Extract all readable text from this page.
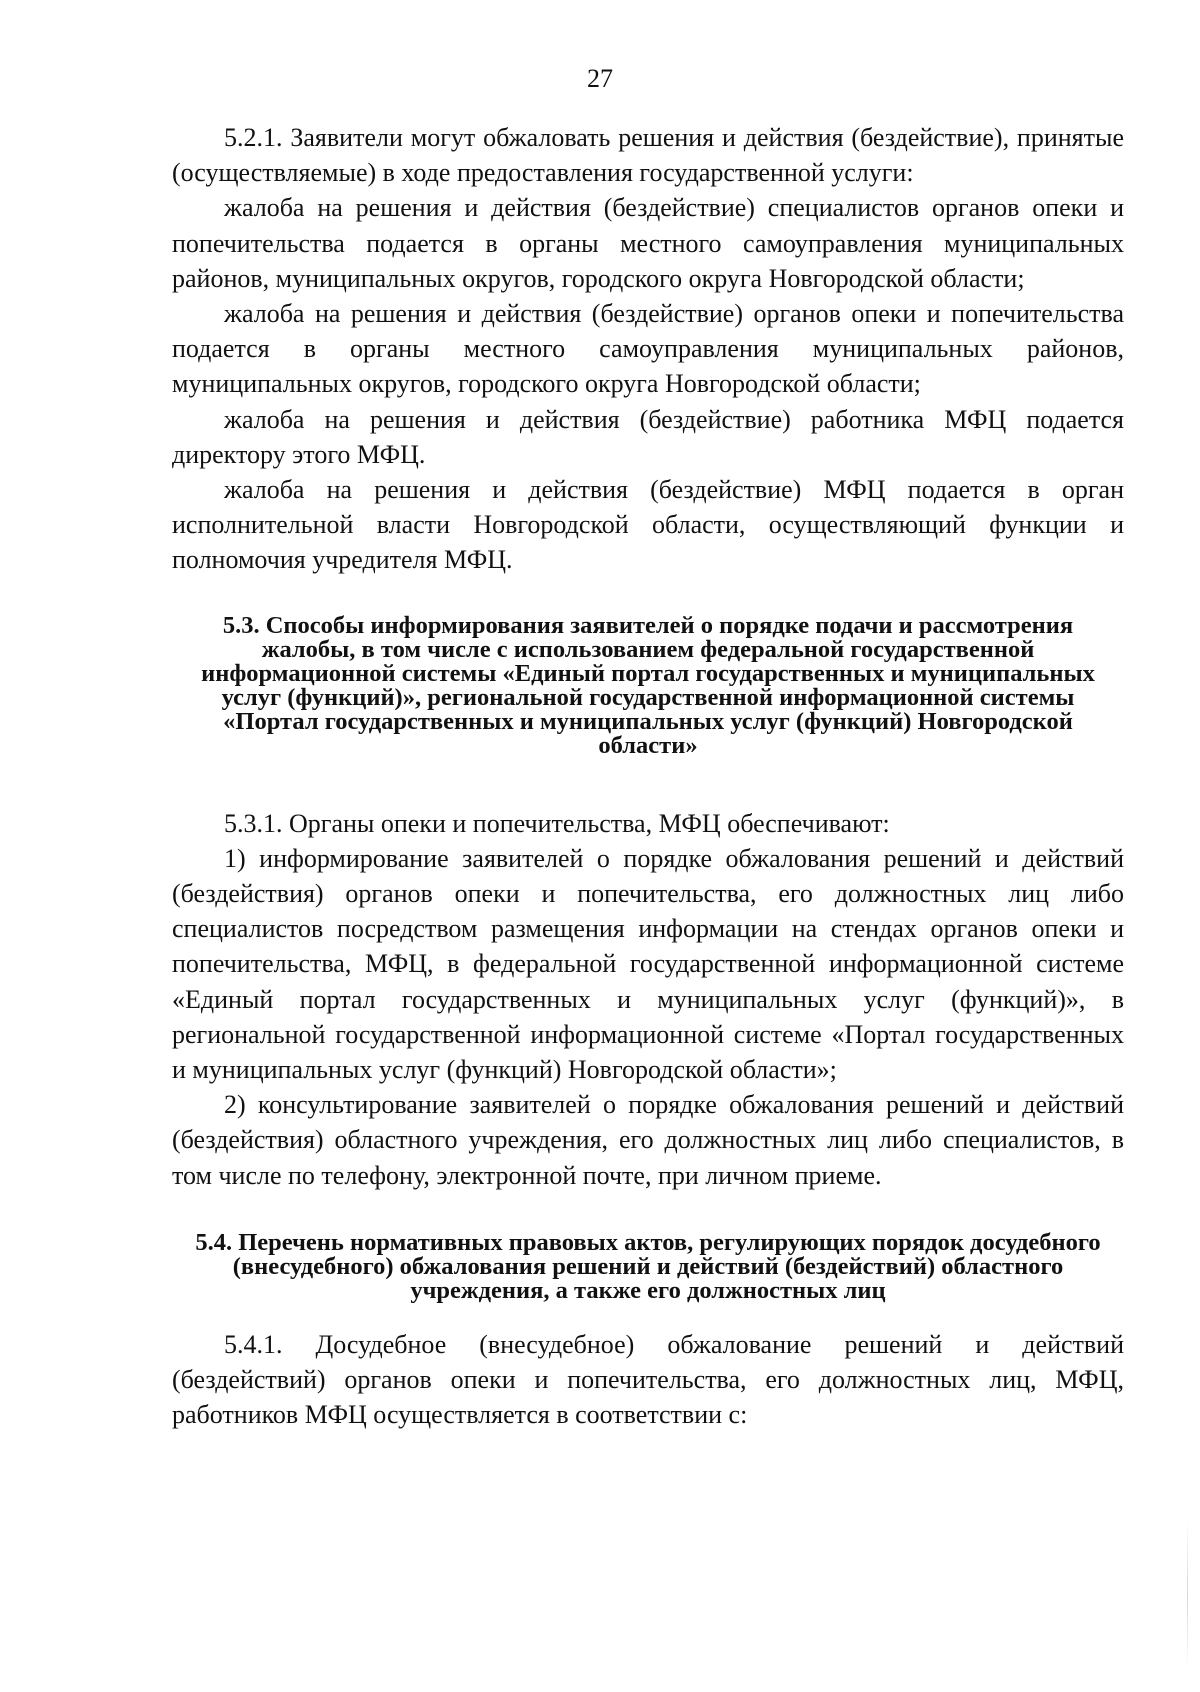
27

5.2.1. Заявители могут обжаловать решения и действия (бездействие), принятые (осуществляемые) в ходе предоставления государственной услуги:

жалоба на решения и действия (бездействие) специалистов органов опеки и попечительства подается в органы местного самоуправления муниципальных районов, муниципальных округов, городского округа Новгородской области;

жалоба на решения и действия (бездействие) органов опеки и попечительства подается в органы местного самоуправления муниципальных районов, муниципальных округов, городского округа Новгородской области;

жалоба на решения и действия (бездействие) работника МФЦ подается директору этого МФЦ.

жалоба на решения и действия (бездействие) МФЦ подается в орган исполнительной власти Новгородской области, осуществляющий функции и полномочия учредителя МФЦ.

5.3. Способы информирования заявителей о порядке подачи и рассмотрения жалобы, в том числе с использованием федеральной государственной информационной системы «Единый портал государственных и муниципальных услуг (функций)», региональной государственной информационной системы «Портал государственных и муниципальных услуг (функций) Новгородской области»

5.3.1. Органы опеки и попечительства, МФЦ обеспечивают:

1) информирование заявителей о порядке обжалования решений и действий (бездействия) органов опеки и попечительства, его должностных лиц либо специалистов посредством размещения информации на стендах органов опеки и попечительства, МФЦ, в федеральной государственной информационной системе «Единый портал государственных и муниципальных услуг (функций)», в региональной государственной информационной системе «Портал государственных и муниципальных услуг (функций) Новгородской области»;

2) консультирование заявителей о порядке обжалования решений и действий (бездействия) областного учреждения, его должностных лиц либо специалистов, в том числе по телефону, электронной почте, при личном приеме.

5.4. Перечень нормативных правовых актов, регулирующих порядок досудебного (внесудебного) обжалования решений и действий (бездействий) областного учреждения, а также его должностных лиц

5.4.1. Досудебное (внесудебное) обжалование решений и действий (бездействий) органов опеки и попечительства, его должностных лиц, МФЦ, работников МФЦ осуществляется в соответствии с:
